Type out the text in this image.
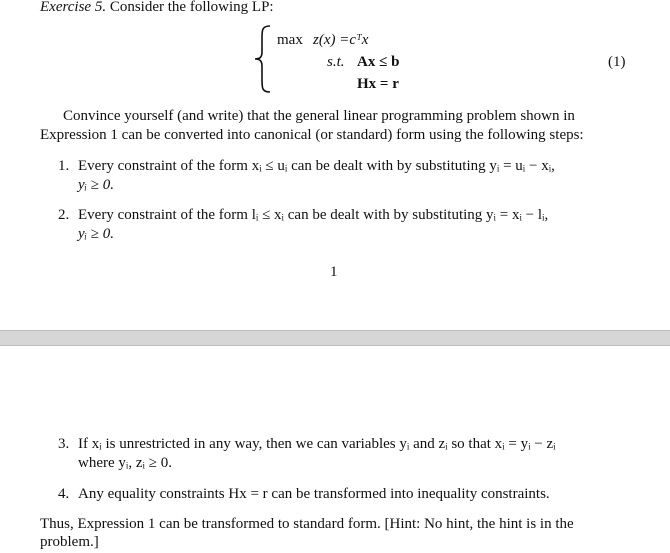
Exercise 5. Consider the following LP:
max z(x) =cᵀx
s.t. Ax ≤ b
Hx = r
(1)
Convince yourself (and write) that the general linear programming problem shown in
Expression 1 can be converted into canonical (or standard) form using the following steps:
1. Every constraint of the form xᵢ ≤ uᵢ can be dealt with by substituting yᵢ = uᵢ − xᵢ,
yᵢ ≥ 0.
2. Every constraint of the form lᵢ ≤ xᵢ can be dealt with by substituting yᵢ = xᵢ − lᵢ,
yᵢ ≥ 0.
1
3. If xᵢ is unrestricted in any way, then we can variables yᵢ and zᵢ so that xᵢ = yᵢ − zᵢ
where yᵢ, zᵢ ≥ 0.
4. Any equality constraints Hx = r can be transformed into inequality constraints.
Thus, Expression 1 can be transformed to standard form. [Hint: No hint, the hint is in the
problem.]
